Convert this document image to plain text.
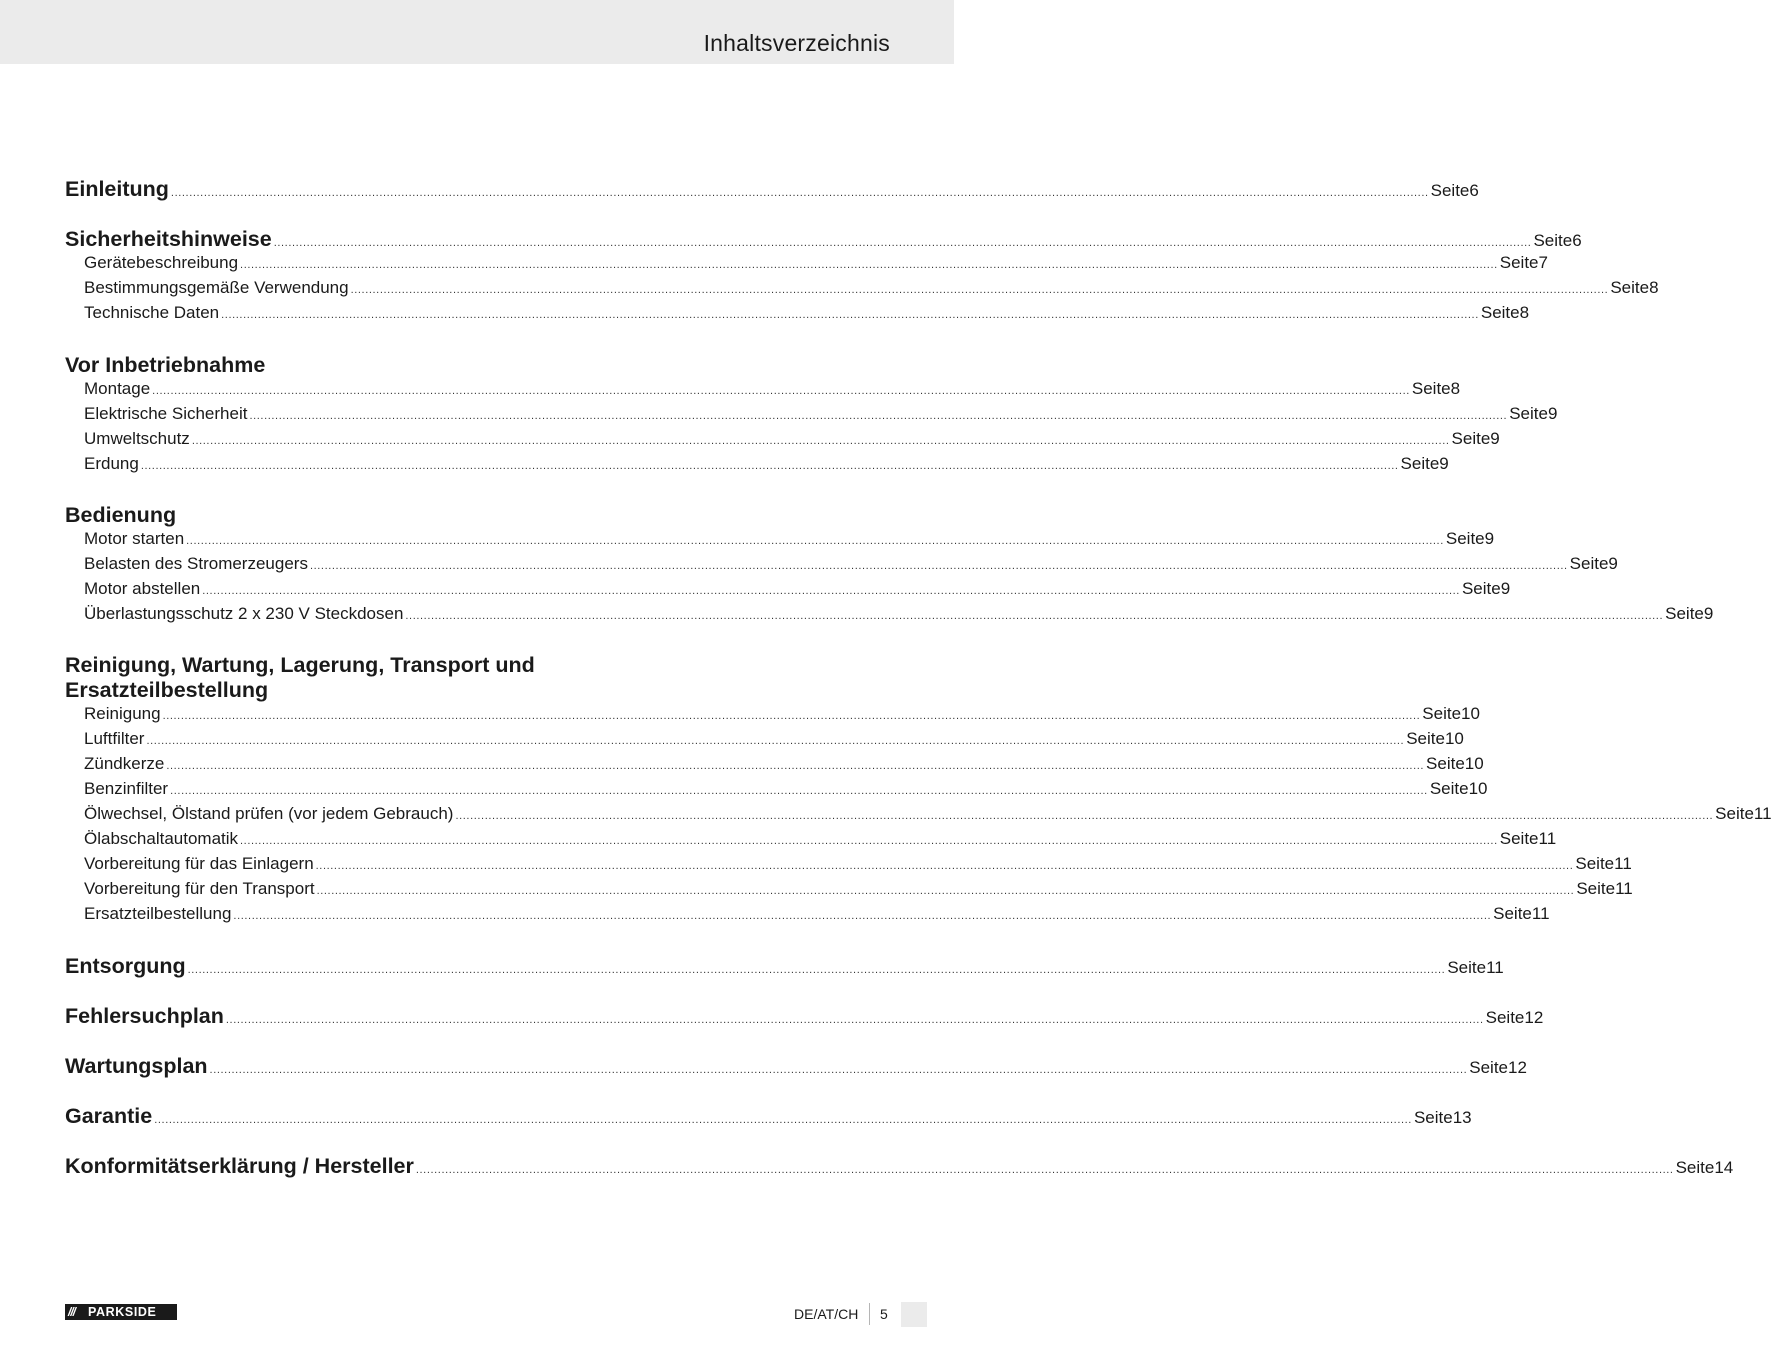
Inhaltsverzeichnis
Einleitung ........................................................................................................................................................................................................................................................................................................................................................ Seite 6
Sicherheitshinweise ........................................................................................................................................................................................................................................................................................................................................................ Seite 6
Gerätebeschreibung ........................................................................................................................................................................................................................................................................................................................................................ Seite 7
Bestimmungsgemäße Verwendung ........................................................................................................................................................................................................................................................................................................................................................ Seite 8
Technische Daten ........................................................................................................................................................................................................................................................................................................................................................ Seite 8
Vor Inbetriebnahme
Montage ........................................................................................................................................................................................................................................................................................................................................................ Seite 8
Elektrische Sicherheit ........................................................................................................................................................................................................................................................................................................................................................ Seite 9
Umweltschutz ........................................................................................................................................................................................................................................................................................................................................................ Seite 9
Erdung ........................................................................................................................................................................................................................................................................................................................................................ Seite 9
Bedienung
Motor starten ........................................................................................................................................................................................................................................................................................................................................................ Seite 9
Belasten des Stromerzeugers ........................................................................................................................................................................................................................................................................................................................................................ Seite 9
Motor abstellen ........................................................................................................................................................................................................................................................................................................................................................ Seite 9
Überlastungsschutz 2 x 230 V Steckdosen ........................................................................................................................................................................................................................................................................................................................................................ Seite 9
Reinigung, Wartung, Lagerung, Transport und
Ersatzteilbestellung
Reinigung ........................................................................................................................................................................................................................................................................................................................................................ Seite 10
Luftfilter ........................................................................................................................................................................................................................................................................................................................................................ Seite 10
Zündkerze ........................................................................................................................................................................................................................................................................................................................................................ Seite 10
Benzinfilter ........................................................................................................................................................................................................................................................................................................................................................ Seite 10
Ölwechsel, Ölstand prüfen (vor jedem Gebrauch) ........................................................................................................................................................................................................................................................................................................................................................ Seite 11
Ölabschaltautomatik ........................................................................................................................................................................................................................................................................................................................................................ Seite 11
Vorbereitung für das Einlagern ........................................................................................................................................................................................................................................................................................................................................................ Seite 11
Vorbereitung für den Transport ........................................................................................................................................................................................................................................................................................................................................................ Seite 11
Ersatzteilbestellung ........................................................................................................................................................................................................................................................................................................................................................ Seite 11
Entsorgung ........................................................................................................................................................................................................................................................................................................................................................ Seite 11
Fehlersuchplan ........................................................................................................................................................................................................................................................................................................................................................ Seite 12
Wartungsplan ........................................................................................................................................................................................................................................................................................................................................................ Seite 12
Garantie ........................................................................................................................................................................................................................................................................................................................................................ Seite 13
Konformitätserklärung / Hersteller ........................................................................................................................................................................................................................................................................................................................................................ Seite 14
///	PARKSIDE	DE/AT/CH 5
